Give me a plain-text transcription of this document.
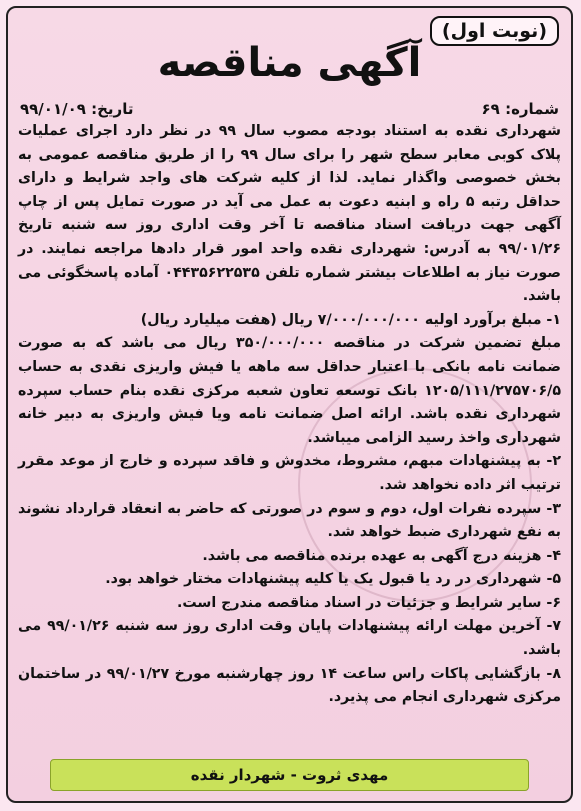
(نوبت اول)
آگهی مناقصه
شماره: ۶۹
تاریخ: ۹۹/۰۱/۰۹

شهرداری نقده به استناد بودجه مصوب سال ۹۹ در نظر دارد اجرای عملیات پلاک کوبی معابر سطح شهر را برای سال ۹۹ را از طریق مناقصه عمومی به بخش خصوصی واگذار نماید. لذا از کلیه شرکت های واجد شرایط و دارای حداقل رتبه ۵ راه و ابنیه دعوت به عمل می آید در صورت تمایل پس از چاپ آگهی جهت دریافت اسناد مناقصه تا آخر وقت اداری روز سه شنبه تاریخ ۹۹/۰۱/۲۶ به آدرس: شهرداری نقده واحد امور قرار دادها مراجعه نمایند. در صورت نیاز به اطلاعات بیشتر شماره تلفن ۰۴۴۳۵۶۲۲۵۳۵ آماده پاسخگوئی می باشد.

۱- مبلغ برآورد اولیه ۷/۰۰۰/۰۰۰/۰۰۰ ریال (هفت میلیارد ریال)

مبلغ تضمین شرکت در مناقصه ۳۵۰/۰۰۰/۰۰۰ ریال می باشد که به صورت ضمانت نامه بانکی با اعتبار حداقل سه ماهه یا فیش واریزی نقدی به حساب ۱۲۰۵/۱۱۱/۲۷۵۷۰۶/۵ بانک توسعه تعاون شعبه مرکزی نقده بنام حساب سپرده شهرداری نقده باشد. ارائه اصل ضمانت نامه ویا فیش واریزی به دبیر خانه شهرداری واخذ رسید الزامی میباشد.

۲- به پیشنهادات مبهم، مشروط، مخدوش و فاقد سپرده و خارج از موعد مقرر ترتیب اثر داده نخواهد شد.

۳- سپرده نفرات اول، دوم و سوم در صورتی که حاضر به انعقاد قرارداد نشوند به نفع شهرداری ضبط خواهد شد.

۴- هزینه درج آگهی به عهده برنده مناقصه می باشد.

۵- شهرداری در رد یا قبول یک یا کلیه پیشنهادات مختار خواهد بود.

۶- سایر شرایط و جزئیات در اسناد مناقصه مندرج است.

۷- آخرین مهلت ارائه پیشنهادات پایان وقت اداری روز سه شنبه ۹۹/۰۱/۲۶ می باشد.

۸- بازگشایی پاکات راس ساعت ۱۴ روز چهارشنبه مورخ ۹۹/۰۱/۲۷ در ساختمان مرکزی شهرداری انجام می پذیرد.

مهدی ثروت - شهردار نقده
